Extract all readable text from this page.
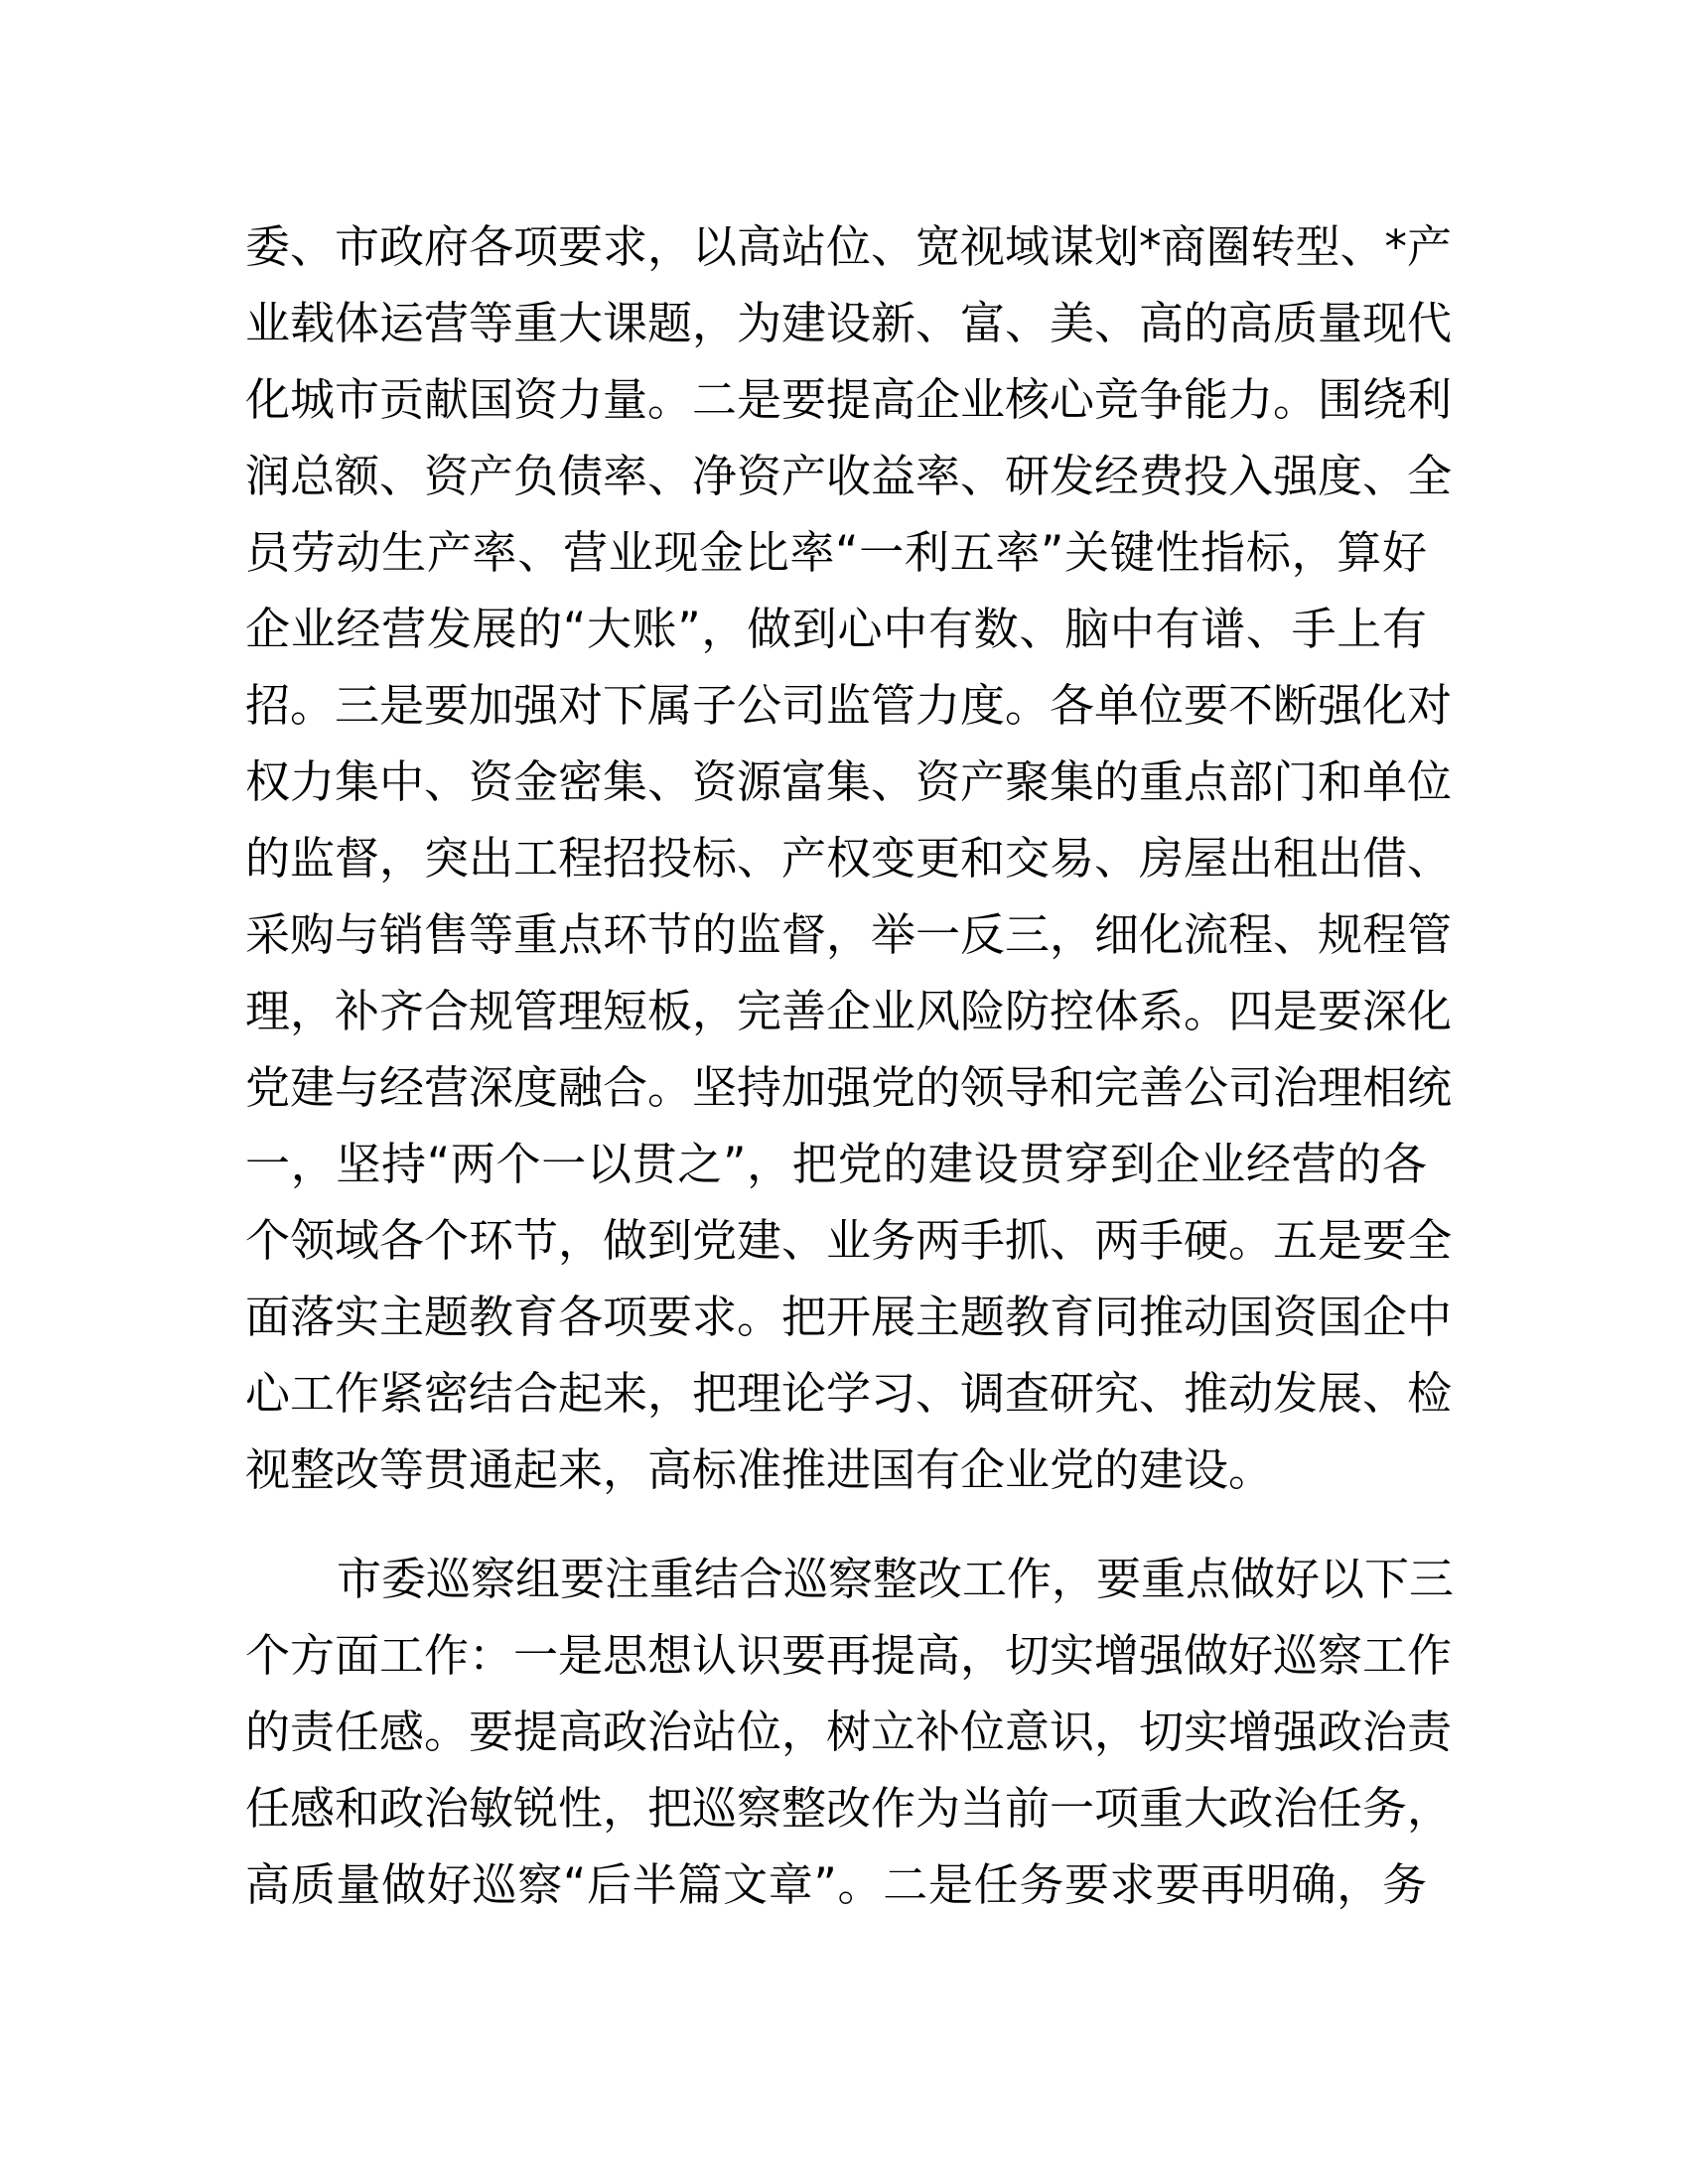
委、市政府各项要求，以高站位、宽视域谋划*商圈转型、*产
业载体运营等重大课题，为建设新、富、美、高的高质量现代
化城市贡献国资力量。二是要提高企业核心竞争能力。围绕利
润总额、资产负债率、净资产收益率、研发经费投入强度、全
员劳动生产率、营业现金比率“一利五率”关键性指标，算好
企业经营发展的“大账”，做到心中有数、脑中有谱、手上有
招。三是要加强对下属子公司监管力度。各单位要不断强化对
权力集中、资金密集、资源富集、资产聚集的重点部门和单位
的监督，突出工程招投标、产权变更和交易、房屋出租出借、
采购与销售等重点环节的监督，举一反三，细化流程、规程管
理，补齐合规管理短板，完善企业风险防控体系。四是要深化
党建与经营深度融合。坚持加强党的领导和完善公司治理相统
一，坚持“两个一以贯之”，把党的建设贯穿到企业经营的各
个领域各个环节，做到党建、业务两手抓、两手硬。五是要全
面落实主题教育各项要求。把开展主题教育同推动国资国企中
心工作紧密结合起来，把理论学习、调查研究、推动发展、检
视整改等贯通起来，高标准推进国有企业党的建设。
市委巡察组要注重结合巡察整改工作，要重点做好以下三
个方面工作：一是思想认识要再提高，切实增强做好巡察工作
的责任感。要提高政治站位，树立补位意识，切实增强政治责
任感和政治敏锐性，把巡察整改作为当前一项重大政治任务，
高质量做好巡察“后半篇文章”。二是任务要求要再明确，务
